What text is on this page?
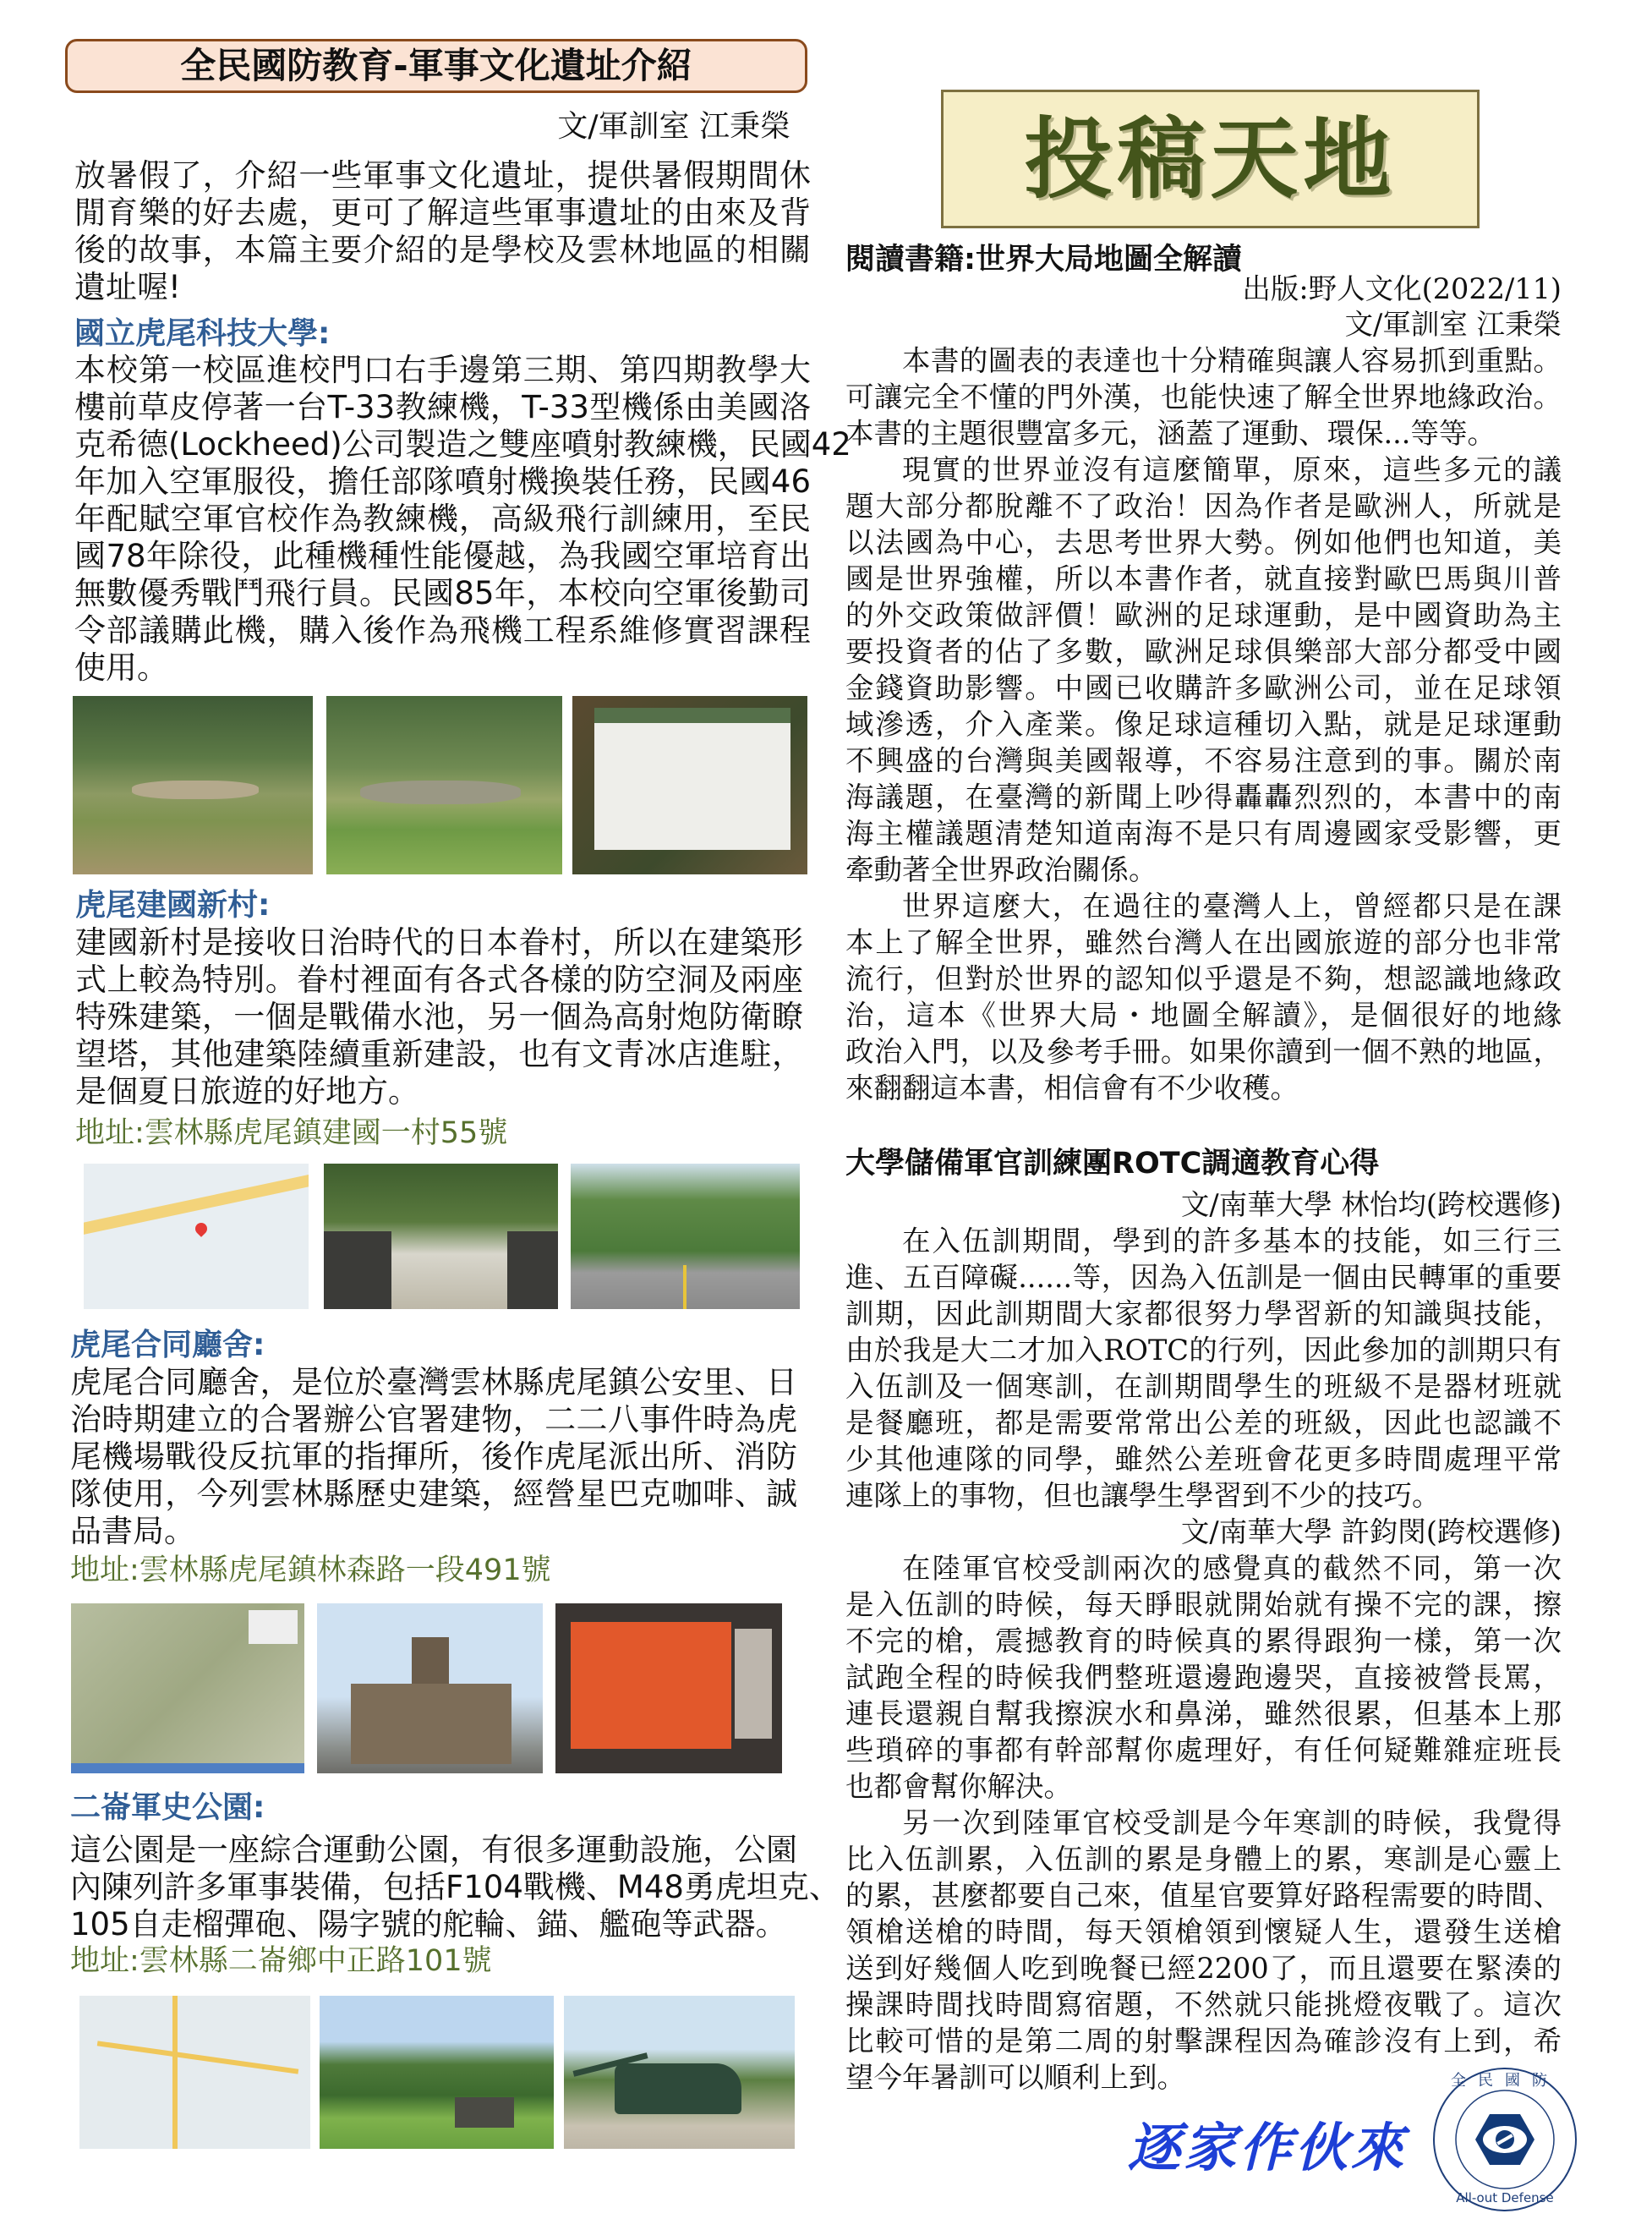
全民國防教育-軍事文化遺址介紹
文/軍訓室 江秉榮
放暑假了，介紹一些軍事文化遺址，提供暑假期間休
閒育樂的好去處，更可了解這些軍事遺址的由來及背
後的故事，本篇主要介紹的是學校及雲林地區的相關
遺址喔!
國立虎尾科技大學:
本校第一校區進校門口右手邊第三期、第四期教學大
樓前草皮停著一台T-33教練機，T-33型機係由美國洛
克希德(Lockheed)公司製造之雙座噴射教練機，民國42
年加入空軍服役，擔任部隊噴射機換裝任務，民國46
年配賦空軍官校作為教練機，高級飛行訓練用，至民
國78年除役，此種機種性能優越，為我國空軍培育出
無數優秀戰鬥飛行員。民國85年，本校向空軍後勤司
令部議購此機，購入後作為飛機工程系維修實習課程
使用。
虎尾建國新村:
建國新村是接收日治時代的日本眷村，所以在建築形
式上較為特別。眷村裡面有各式各樣的防空洞及兩座
特殊建築，一個是戰備水池，另一個為高射炮防衛瞭
望塔，其他建築陸續重新建設，也有文青冰店進駐，
是個夏日旅遊的好地方。
地址:雲林縣虎尾鎮建國一村55號
虎尾合同廳舍:
虎尾合同廳舍，是位於臺灣雲林縣虎尾鎮公安里、日
治時期建立的合署辦公官署建物，二二八事件時為虎
尾機場戰役反抗軍的指揮所，後作虎尾派出所、消防
隊使用，今列雲林縣歷史建築，經營星巴克咖啡、誠
品書局。
地址:雲林縣虎尾鎮林森路一段491號
二崙軍史公園:
這公園是一座綜合運動公園，有很多運動設施，公園
內陳列許多軍事裝備，包括F104戰機、M48勇虎坦克、
105自走榴彈砲、陽字號的舵輪、錨、艦砲等武器。
地址:雲林縣二崙鄉中正路101號
投稿天地
閱讀書籍:世界大局地圖全解讀
出版:野人文化(2022/11)
文/軍訓室 江秉榮
本書的圖表的表達也十分精確與讓人容易抓到重點。
可讓完全不懂的門外漢，也能快速了解全世界地緣政治。
本書的主題很豐富多元，涵蓋了運動、環保...等等。
現實的世界並沒有這麼簡單，原來，這些多元的議
題大部分都脫離不了政治！因為作者是歐洲人，所就是
以法國為中心，去思考世界大勢。例如他們也知道，美
國是世界強權，所以本書作者，就直接對歐巴馬與川普
的外交政策做評價！歐洲的足球運動，是中國資助為主
要投資者的佔了多數，歐洲足球俱樂部大部分都受中國
金錢資助影響。中國已收購許多歐洲公司，並在足球領
域滲透，介入產業。像足球這種切入點，就是足球運動
不興盛的台灣與美國報導，不容易注意到的事。關於南
海議題，在臺灣的新聞上吵得轟轟烈烈的，本書中的南
海主權議題清楚知道南海不是只有周邊國家受影響，更
牽動著全世界政治關係。
世界這麼大，在過往的臺灣人上，曾經都只是在課
本上了解全世界，雖然台灣人在出國旅遊的部分也非常
流行，但對於世界的認知似乎還是不夠，想認識地緣政
治，這本《世界大局・地圖全解讀》，是個很好的地緣
政治入門，以及參考手冊。如果你讀到一個不熟的地區，
來翻翻這本書，相信會有不少收穫。
大學儲備軍官訓練團ROTC調適教育心得
文/南華大學 林怡均(跨校選修)
在入伍訓期間，學到的許多基本的技能，如三行三
進、五百障礙......等，因為入伍訓是一個由民轉軍的重要
訓期，因此訓期間大家都很努力學習新的知識與技能，
由於我是大二才加入ROTC的行列，因此參加的訓期只有
入伍訓及一個寒訓，在訓期間學生的班級不是器材班就
是餐廳班，都是需要常常出公差的班級，因此也認識不
少其他連隊的同學，雖然公差班會花更多時間處理平常
連隊上的事物，但也讓學生學習到不少的技巧。
文/南華大學 許鈞閔(跨校選修)
在陸軍官校受訓兩次的感覺真的截然不同，第一次
是入伍訓的時候，每天睜眼就開始就有操不完的課，擦
不完的槍，震撼教育的時候真的累得跟狗一樣，第一次
試跑全程的時候我們整班還邊跑邊哭，直接被營長罵，
連長還親自幫我擦淚水和鼻涕，雖然很累，但基本上那
些瑣碎的事都有幹部幫你處理好，有任何疑難雜症班長
也都會幫你解決。
另一次到陸軍官校受訓是今年寒訓的時候，我覺得
比入伍訓累，入伍訓的累是身體上的累，寒訓是心靈上
的累，甚麼都要自己來，值星官要算好路程需要的時間、
領槍送槍的時間，每天領槍領到懷疑人生，還發生送槍
送到好幾個人吃到晚餐已經2200了，而且還要在緊湊的
操課時間找時間寫宿題，不然就只能挑燈夜戰了。這次
比較可惜的是第二周的射擊課程因為確診沒有上到，希
望今年暑訓可以順利上到。
逐家作伙來
全民國防
All-out Defense
